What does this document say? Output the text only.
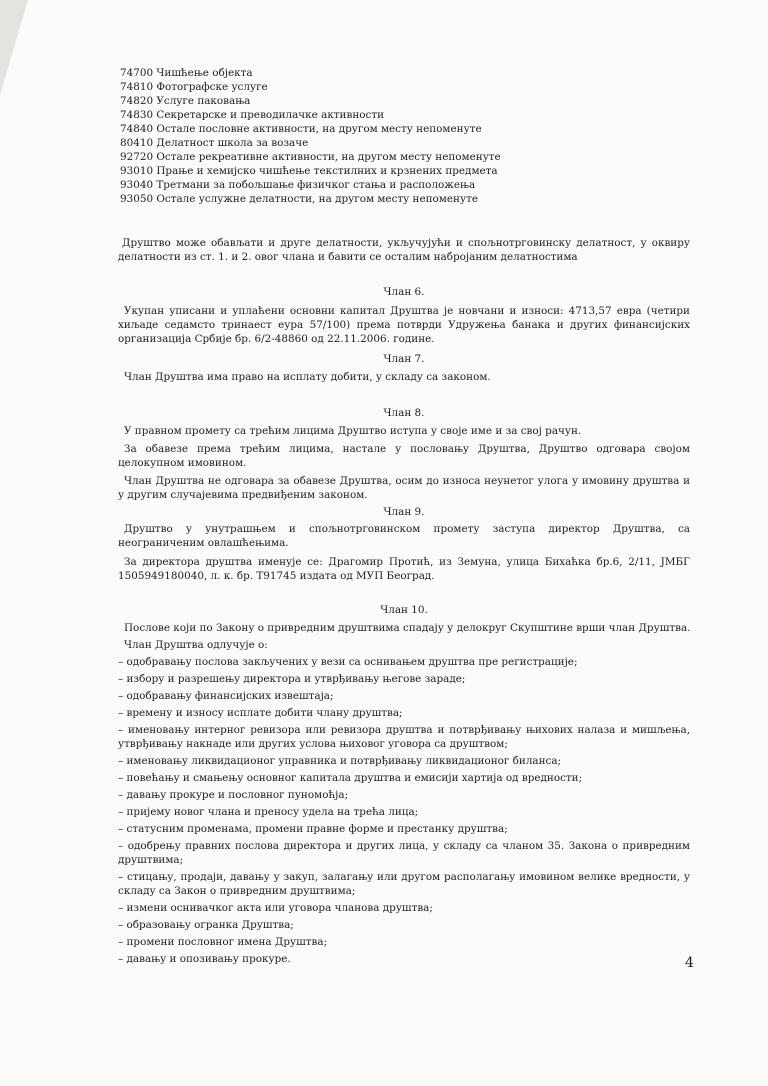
74700 Чишћење објекта
74810 Фотографске услуге
74820 Услуге паковања
74830 Секретарске и преводилачке активности
74840 Остале пословне активности, на другом месту непоменуте
80410 Делатност школа за возаче
92720 Остале рекреативне активности, на другом месту непоменуте
93010 Прање и хемијско чишћење текстилних и крзнених предмета
93040 Третмани за побољшање физичког стања и расположења
93050 Остале услужне делатности, на другом месту непоменуте
Друштво може обављати и друге делатности, укључујући и спољнотрговинску делатност, у оквиру делатности из ст. 1. и 2. овог члана и бавити се осталим набројаним делатностима
Члан 6.
Укупан уписани и уплаћени основни капитал Друштва је новчани и износи: 4713,57 евра (четири хиљаде седамсто тринаест еура 57/100) према потврди Удружења банака и других финансијских организација Србије бр. 6/2-48860 од 22.11.2006. године.
Члан 7.
Члан Друштва има право на исплату добити, у складу са законом.
Члан 8.
У правном промету са трећим лицима Друштво иступа у своје име и за свој рачун.
За обавезе према трећим лицима, настале у пословању Друштва, Друштво одговара својом целокупном имовином.
Члан Друштва не одговара за обавезе Друштва, осим до износа неунетог улога у имовину друштва и у другим случајевима предвиђеним законом.
Члан 9.
Друштво у унутрашњем и спољнотрговинском промету заступа директор Друштва, са неограниченим овлашћењима.
За директора друштва именује се: Драгомир Протић, из Земуна, улица Бихаћка бр.6, 2/11, ЈМБГ 1505949180040, л. к. бр. Т91745 издата од МУП Београд.
Члан 10.
Послове који по Закону о привредним друштвима спадају у делокруг Скупштине врши члан Друштва.
Члан Друштва одлучује о:
– одобравању послова закључених у вези са оснивањем друштва пре регистрације;
– избору и разрешењу директора и утврђивању његове зараде;
– одобравању финансијских извештаја;
– времену и износу исплате добити члану друштва;
– именовању интерног ревизора или ревизора друштва и потврђивању њихових налаза и мишљења, утврђивању накнаде или других услова њиховог уговора са друштвом;
– именовању ликвидационог управника и потврђивању ликвидационог биланса;
– повећању и смањењу основног капитала друштва и емисији хартија од вредности;
– давању прокуре и пословног пуномоћја;
– пријему новог члана и преносу удела на трећа лица;
– статусним променама, промени правне форме и престанку друштва;
– одобрењу правних послова директора и других лица, у складу са чланом 35. Закона о привредним друштвима;
– стицању, продаји, давању у закуп, залагању или другом располагању имовином велике вредности, у складу са Закон о привредним друштвима;
– измени оснивачког акта или уговора чланова друштва;
– образовању огранка Друштва;
– промени пословног имена Друштва;
– давању и опозивању прокуре.	4
